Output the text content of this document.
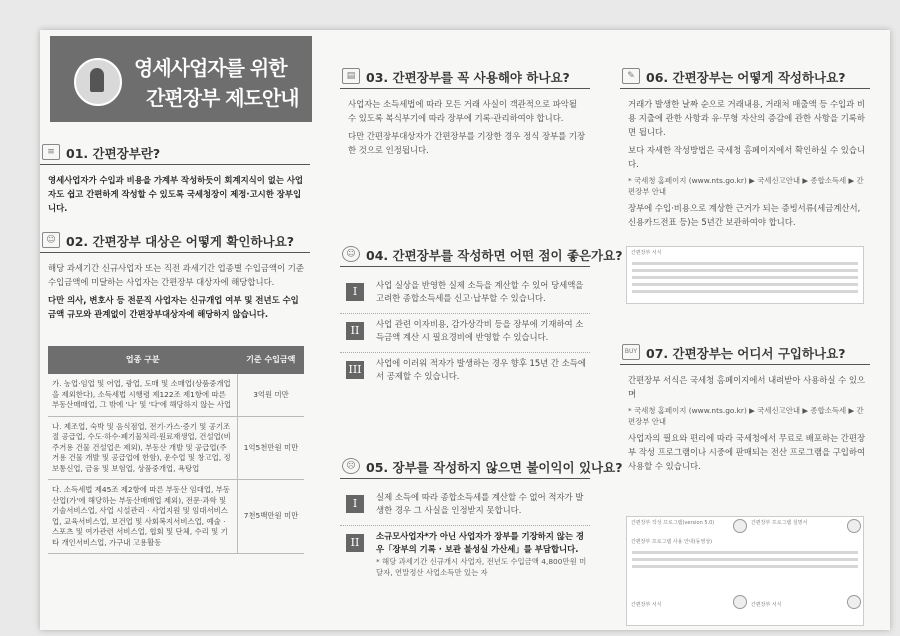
영세사업자를 위한
간편장부 제도안내
≡ 01. 간편장부란?

영세사업자가 수입과 비용을 가계부 작성하듯이 회계지식이 없는 사업자도 쉽고 간편하게 작성할 수 있도록 국세청장이 제정·고시한 장부입니다.

☺ 02. 간편장부 대상은 어떻게 확인하나요?

해당 과세기간 신규사업자 또는 직전 과세기간 업종별 수입금액이 기준 수입금액에 미달하는 사업자는 간편장부 대상자에 해당합니다.

다만 의사, 변호사 등 전문직 사업자는 신규개업 여부 및 전년도 수입금액 규모와 관계없이 간편장부대상자에 해당하지 않습니다.

업종 구분	기준 수입금액
가. 농업·임업 및 어업, 광업, 도매 및 소매업(상품중개업을 제외한다), 소득세법 시행령 제122조 제1항에 따른 부동산매매업, 그 밖에 '나' 및 '다'에 해당하지 않는 사업	3억원 미만
나. 제조업, 숙박 및 음식점업, 전기·가스·증기 및 공기조절 공급업, 수도·하수·폐기물처리·원료재생업, 건설업(비주거용 건물 건설업은 제외), 부동산 개발 및 공급업(주거용 건물 개발 및 공급업에 한함), 운수업 및 창고업, 정보통신업, 금융 및 보험업, 상품중개업, 욕탕업	1억5천만원 미만
다. 소득세법 제45조 제2항에 따른 부동산 임대업, 부동산업(가'에 해당하는 부동산매매업 제외), 전문·과학 및 기술서비스업, 사업 시설관리 · 사업지원 및 임대서비스업, 교육서비스업, 보건업 및 사회복지서비스업, 예술 · 스포츠 및 여가관련 서비스업, 협회 및 단체, 수리 및 기타 개인서비스업, 가구내 고용활동	7천5백만원 미만
▤ 03. 간편장부를 꼭 사용해야 하나요?

사업자는 소득세법에 따라 모든 거래 사실이 객관적으로 파악될 수 있도록 복식부기에 따라 장부에 기록·관리하여야 합니다.

다만 간편장부대상자가 간편장부를 기장한 경우 정식 장부를 기장한 것으로 인정됩니다.

☺ 04. 간편장부를 작성하면 어떤 점이 좋은가요?
I	사업 실상을 반영한 실제 소득을 계산할 수 있어 당세액을 고려한 종합소득세를 신고·납부할 수 있습니다.
II	사업 관련 이자비용, 감가상각비 등을 장부에 기재하여 소득금액 계산 시 필요경비에 반영할 수 있습니다.
III 사업에 이러워 적자가 발생하는 경우 향후 15년 간 소득에서 공제할 수 있습니다.
☹ 05. 장부를 작성하지 않으면 불이익이 있나요?
I	실제 소득에 따라 종합소득세를 계산할 수 없어 적자가 발생한 경우 그 사실을 인정받지 못합니다.
II	소규모사업자*가 아닌 사업자가 장부를 기장하지 않는 경우「장부의 기록 · 보관 불성실 가산세」를 부담합니다.
* 해당 과세기간 신규개시 사업자, 전년도 수입금액 4,800만원 미달자, 연말정산 사업소득만 있는 자
✎ 06. 간편장부는 어떻게 작성하나요?

거래가 발생한 날짜 순으로 거래내용, 거래처 매출액 등 수입과 비용 지출에 관한 사항과 유·무형 자산의 증감에 관한 사항을 기록하면 됩니다.

보다 자세한 작성방법은 국세청 홈페이지에서 확인하실 수 있습니다.

* 국세청 홈페이지 (www.nts.go.kr) ▶ 국세신고안내 ▶ 종합소득세 ▶ 간편장부 안내

장부에 수입·비용으로 계상한 근거가 되는 증빙서류(세금계산서, 신용카드전표 등)는 5년간 보관하여야 합니다.

간편장부 서식
BUY 07. 간편장부는 어디서 구입하나요?

간편장부 서식은 국세청 홈페이지에서 내려받아 사용하실 수 있으며

* 국세청 홈페이지 (www.nts.go.kr) ▶ 국세신고안내 ▶ 종합소득세 ▶ 간편장부 안내

사업자의 필요와 편리에 따라 국세청에서 무료로 배포하는 간편장부 작성 프로그램이나 시중에 판매되는 전산 프로그램을 구입하여 사용할 수 있습니다.

간편장부 작성 프로그램(version 5.0)	간편장부 프로그램 설명서
간편장부 프로그램 사용 안내(동영상)
간편장부 서식	간편장부 서식
